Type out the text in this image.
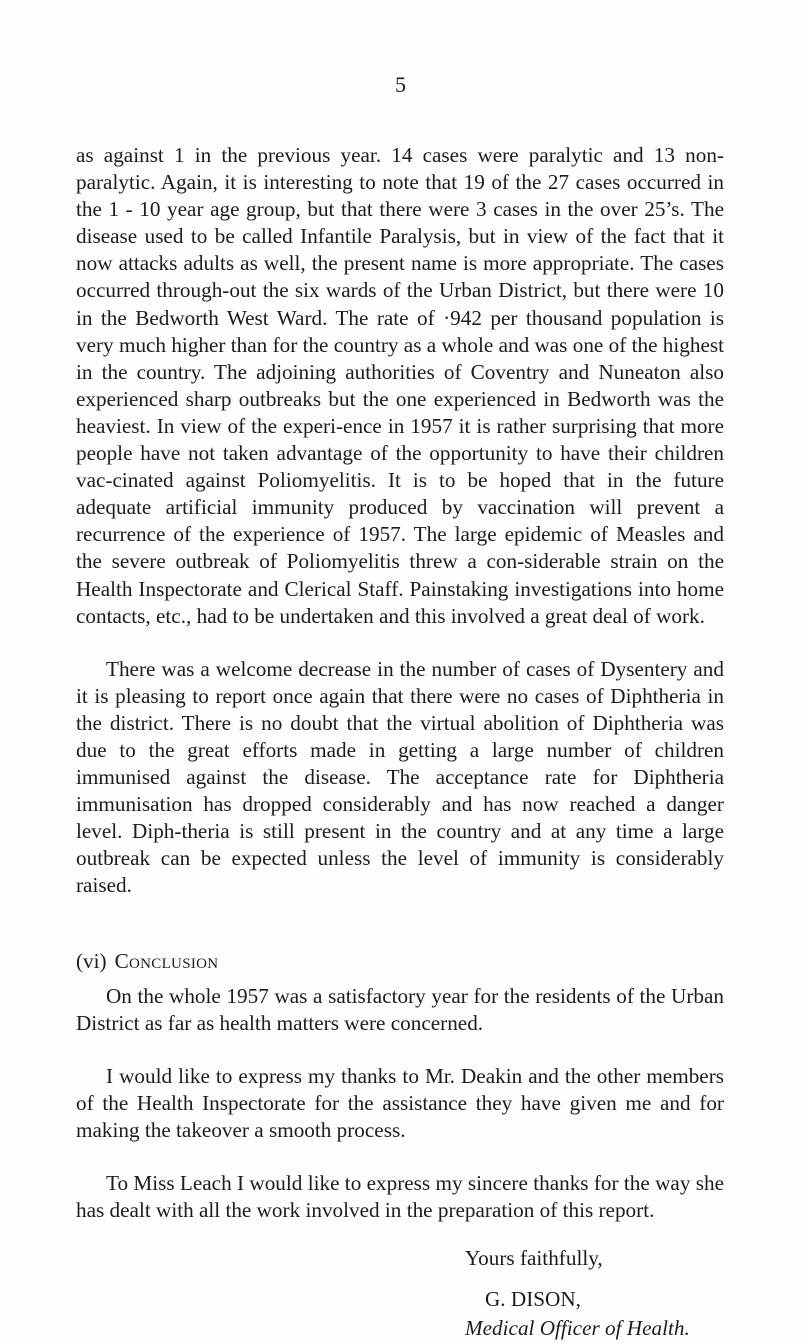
5

as against 1 in the previous year. 14 cases were paralytic and 13 non-paralytic. Again, it is interesting to note that 19 of the 27 cases occurred in the 1 - 10 year age group, but that there were 3 cases in the over 25’s. The disease used to be called Infantile Paralysis, but in view of the fact that it now attacks adults as well, the present name is more appropriate. The cases occurred through-out the six wards of the Urban District, but there were 10 in the Bedworth West Ward. The rate of ·942 per thousand population is very much higher than for the country as a whole and was one of the highest in the country. The adjoining authorities of Coventry and Nuneaton also experienced sharp outbreaks but the one experienced in Bedworth was the heaviest. In view of the experi-ence in 1957 it is rather surprising that more people have not taken advantage of the opportunity to have their children vac-cinated against Poliomyelitis. It is to be hoped that in the future adequate artificial immunity produced by vaccination will prevent a recurrence of the experience of 1957. The large epidemic of Measles and the severe outbreak of Poliomyelitis threw a con-siderable strain on the Health Inspectorate and Clerical Staff. Painstaking investigations into home contacts, etc., had to be undertaken and this involved a great deal of work.

There was a welcome decrease in the number of cases of Dysentery and it is pleasing to report once again that there were no cases of Diphtheria in the district. There is no doubt that the virtual abolition of Diphtheria was due to the great efforts made in getting a large number of children immunised against the disease. The acceptance rate for Diphtheria immunisation has dropped considerably and has now reached a danger level. Diph-theria is still present in the country and at any time a large outbreak can be expected unless the level of immunity is considerably raised.

(vi) Conclusion

On the whole 1957 was a satisfactory year for the residents of the Urban District as far as health matters were concerned.

I would like to express my thanks to Mr. Deakin and the other members of the Health Inspectorate for the assistance they have given me and for making the takeover a smooth process.

To Miss Leach I would like to express my sincere thanks for the way she has dealt with all the work involved in the preparation of this report.

Yours faithfully,
G. DISON,
Medical Officer of Health.
